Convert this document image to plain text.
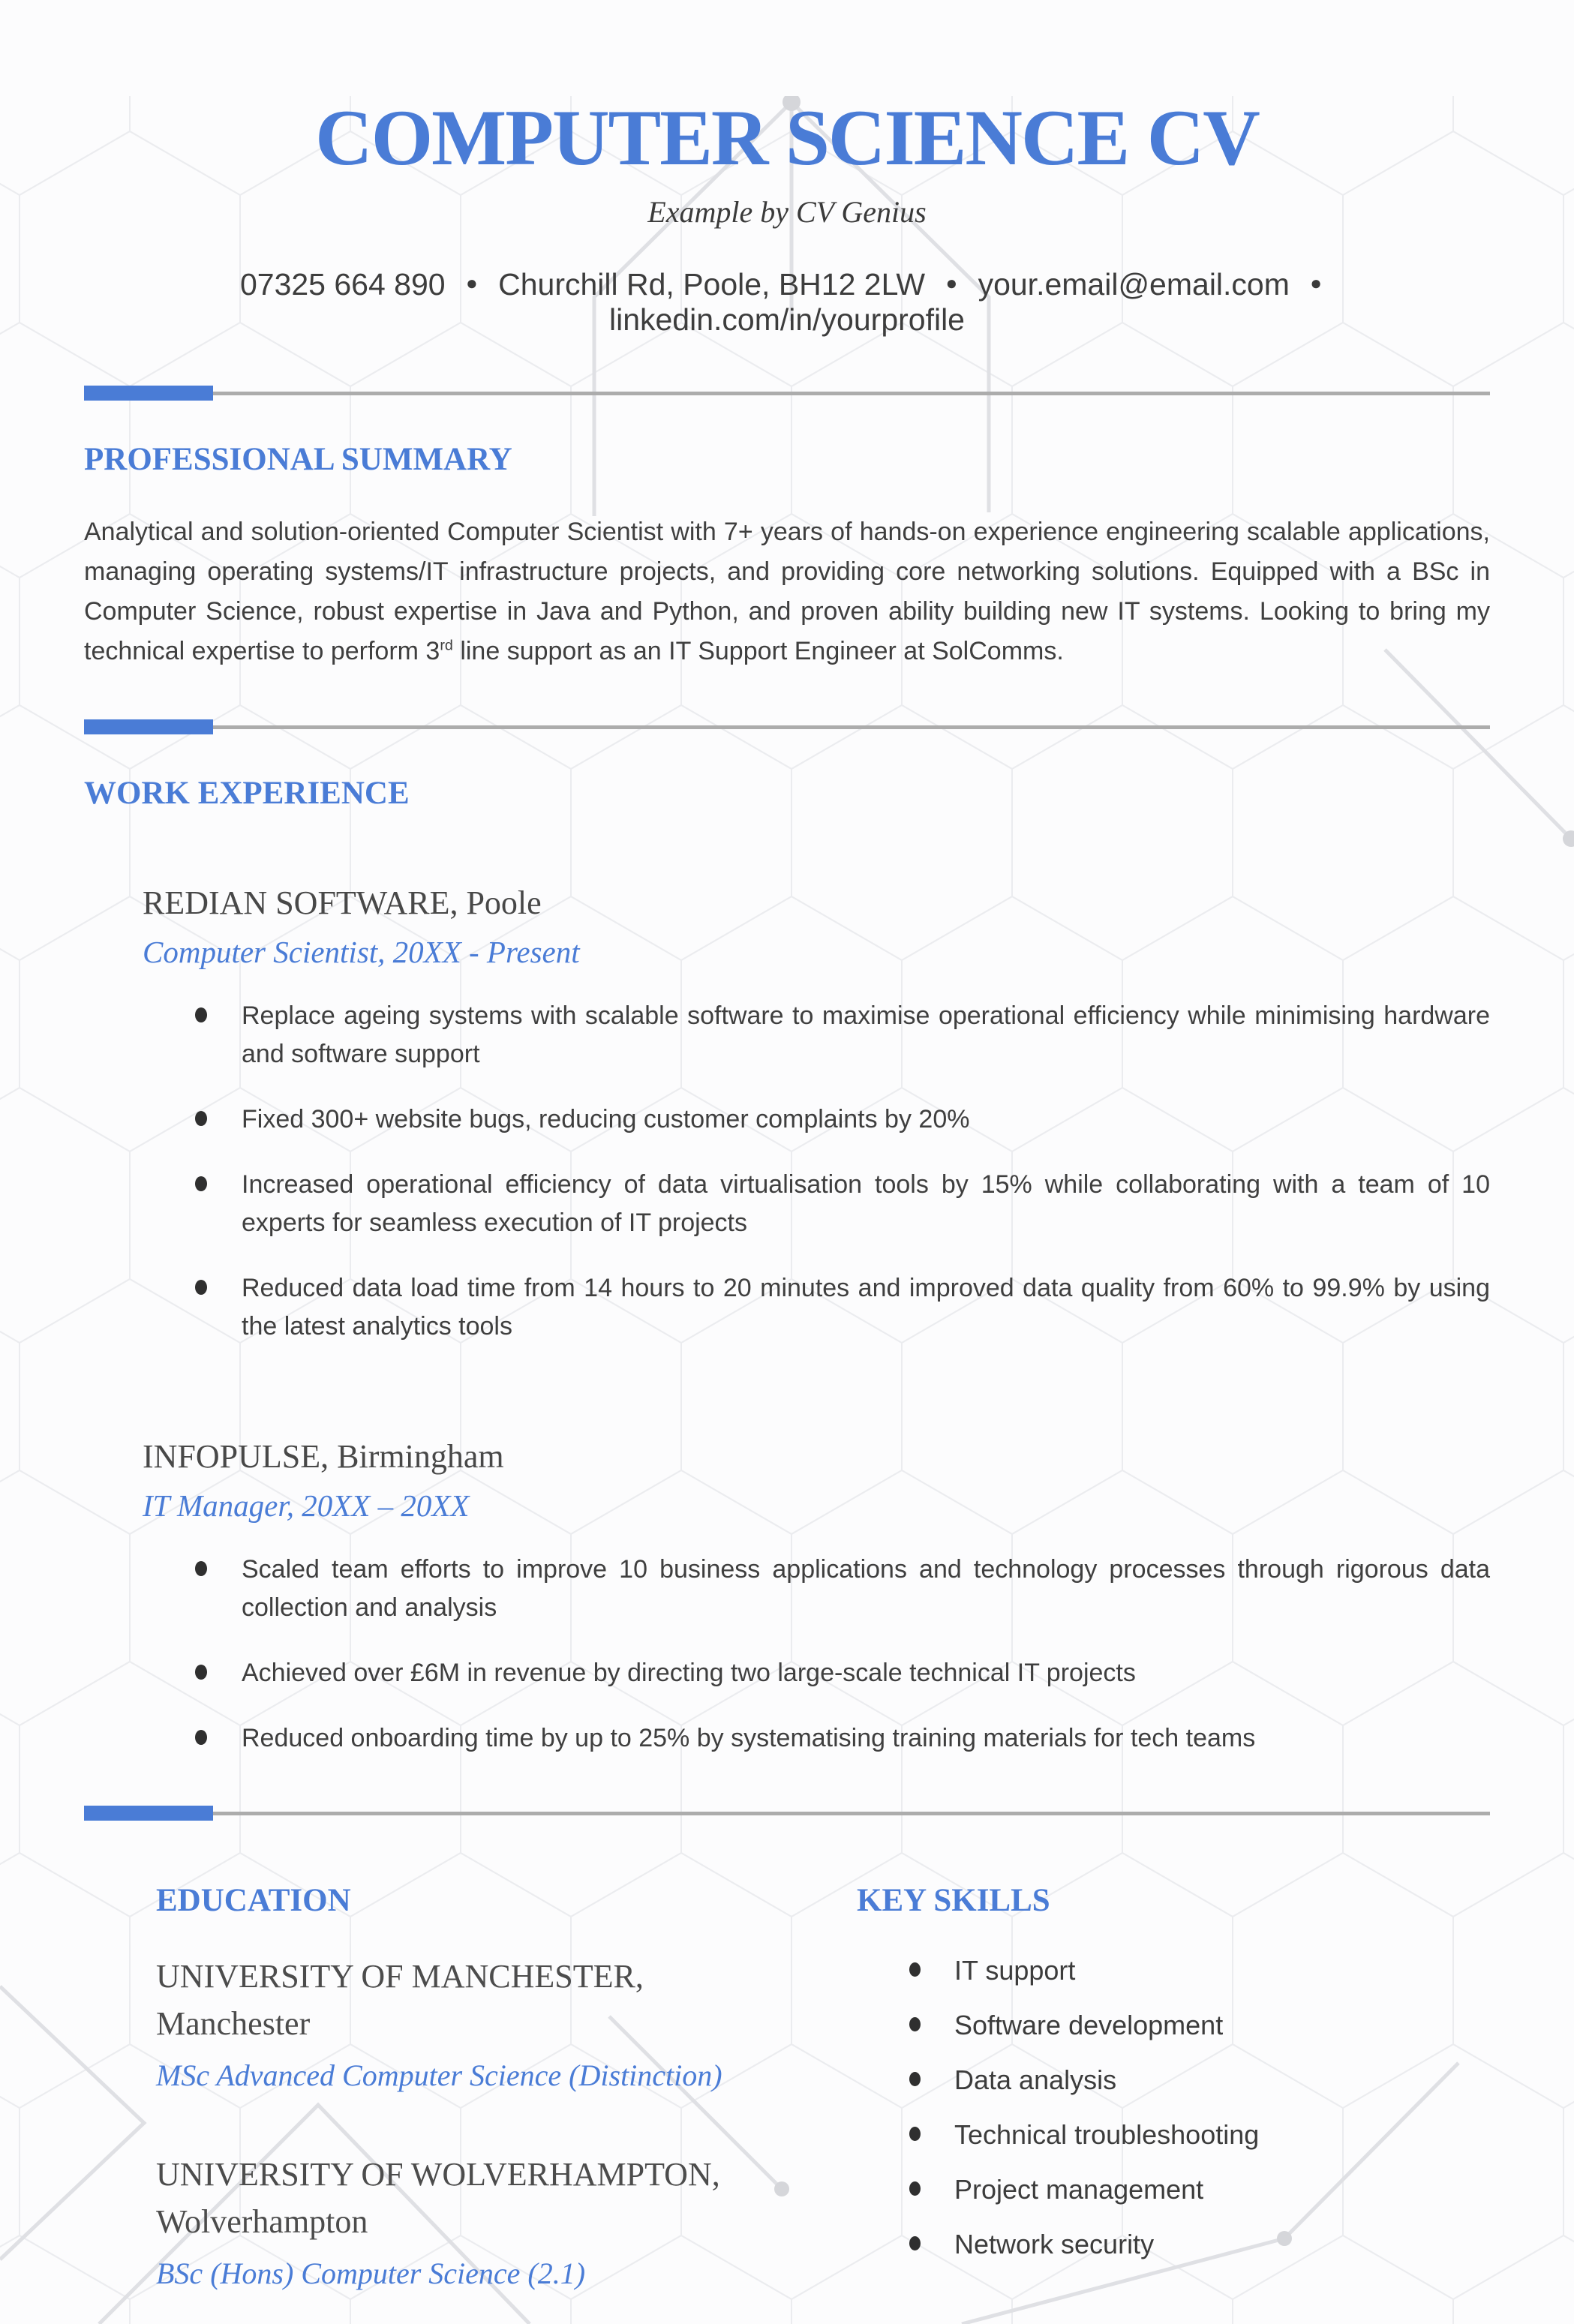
COMPUTER SCIENCE CV
Example by CV Genius
07325 664 890 ● Churchill Rd, Poole, BH12 2LW ● your.email@email.com ● linkedin.com/in/yourprofile
PROFESSIONAL SUMMARY

Analytical and solution-oriented Computer Scientist with 7+ years of hands-on experience engineering scalable applications, managing operating systems/IT infrastructure projects, and providing core networking solutions. Equipped with a BSc in Computer Science, robust expertise in Java and Python, and proven ability building new IT systems. Looking to bring my technical expertise to perform 3rd line support as an IT Support Engineer at SolComms.

WORK EXPERIENCE
REDIAN SOFTWARE, Poole
Computer Scientist, 20XX - Present
Replace ageing systems with scalable software to maximise operational efficiency while minimising hardware and software support
Fixed 300+ website bugs, reducing customer complaints by 20%
Increased operational efficiency of data virtualisation tools by 15% while collaborating with a team of 10 experts for seamless execution of IT projects
Reduced data load time from 14 hours to 20 minutes and improved data quality from 60% to 99.9% by using the latest analytics tools
INFOPULSE, Birmingham
IT Manager, 20XX – 20XX
Scaled team efforts to improve 10 business applications and technology processes through rigorous data collection and analysis
Achieved over £6M in revenue by directing two large-scale technical IT projects
Reduced onboarding time by up to 25% by systematising training materials for tech teams
EDUCATION
UNIVERSITY OF MANCHESTER,
Manchester
MSc Advanced Computer Science (Distinction)
UNIVERSITY OF WOLVERHAMPTON,
Wolverhampton
BSc (Hons) Computer Science (2.1)
KEY SKILLS
IT support
Software development
Data analysis
Technical troubleshooting
Project management
Network security
